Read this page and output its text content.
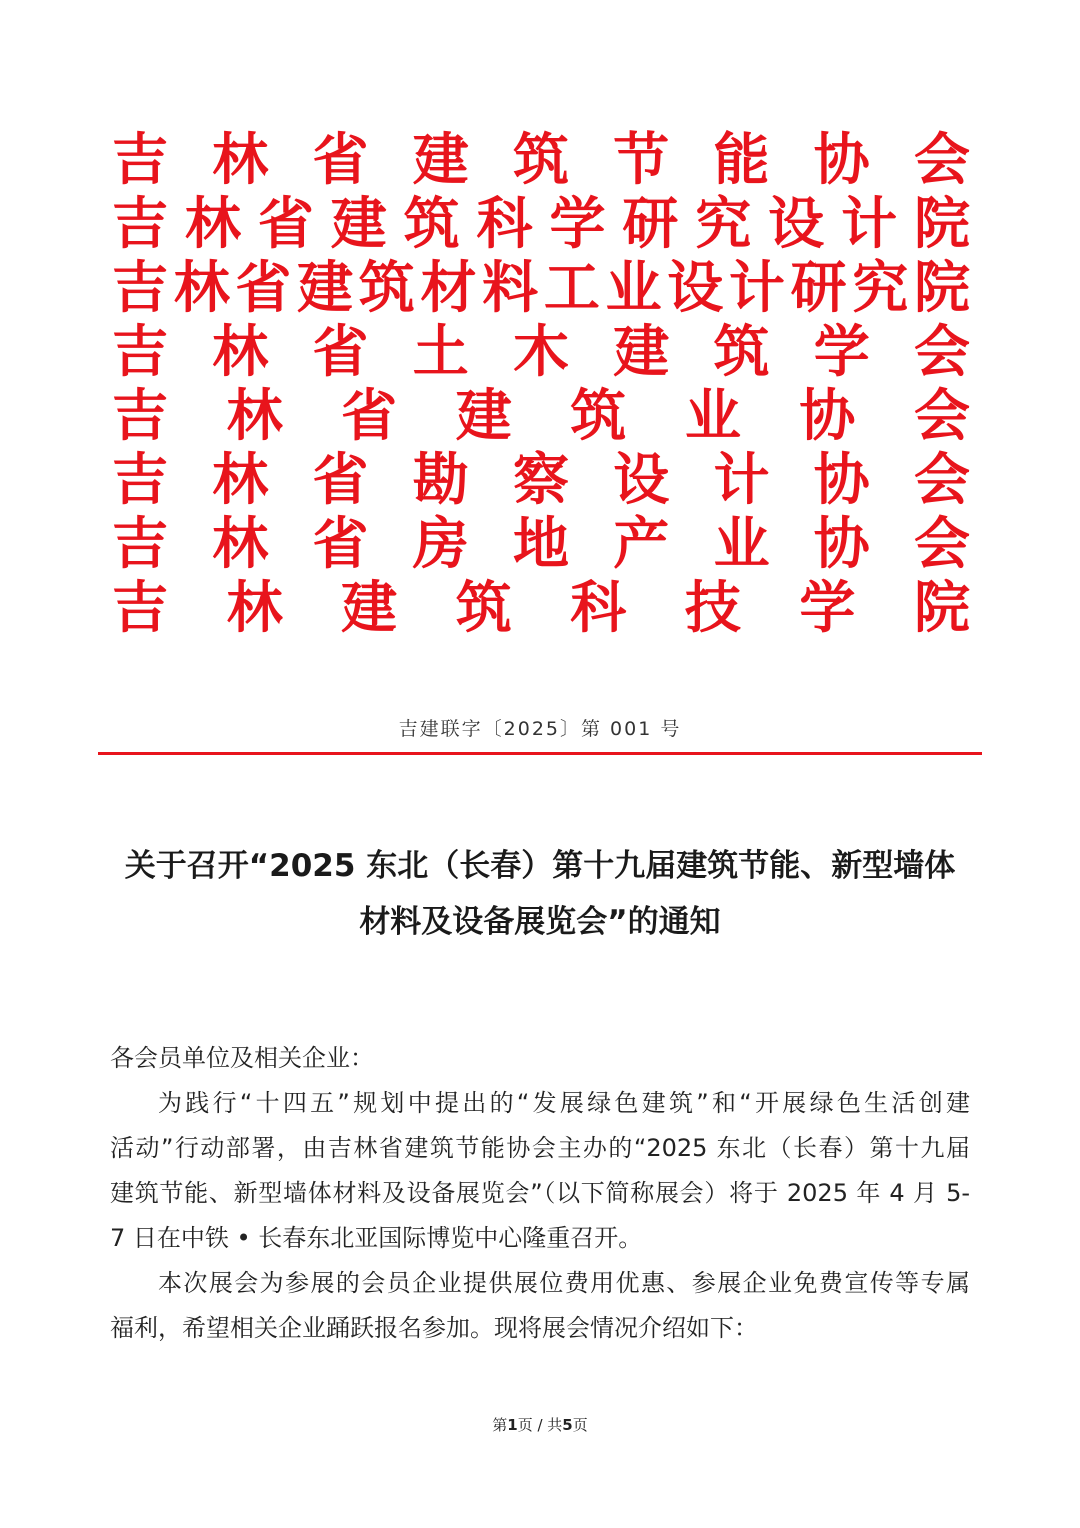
吉 林 省 建 筑 节 能 协 会
吉 林 省 建 筑 科 学 研 究 设 计 院
吉 林 省 建 筑 材 料 工 业 设 计 研 究 院
吉 林 省 土 木 建 筑 学 会
吉 林 省 建 筑 业 协 会
吉 林 省 勘 察 设 计 协 会
吉 林 省 房 地 产 业 协 会
吉 林 建 筑 科 技 学 院
吉建联字〔2025〕第 001 号
关于召开“2025 东北（长春）第十九届建筑节能、新型墙体
材料及设备展览会”的通知

各会员单位及相关企业：

为践行“十四五”规划中提出的“发展绿色建筑”和“开展绿色生活创建
活动”行动部署，由吉林省建筑节能协会主办的“2025 东北（长春）第十九届
建筑节能、新型墙体材料及设备展览会”（以下简称展会）将于 2025 年 4 月 5-
7 日在中铁 • 长春东北亚国际博览中心隆重召开。

本次展会为参展的会员企业提供展位费用优惠、参展企业免费宣传等专属
福利，希望相关企业踊跃报名参加。现将展会情况介绍如下：

第1页 / 共5页
